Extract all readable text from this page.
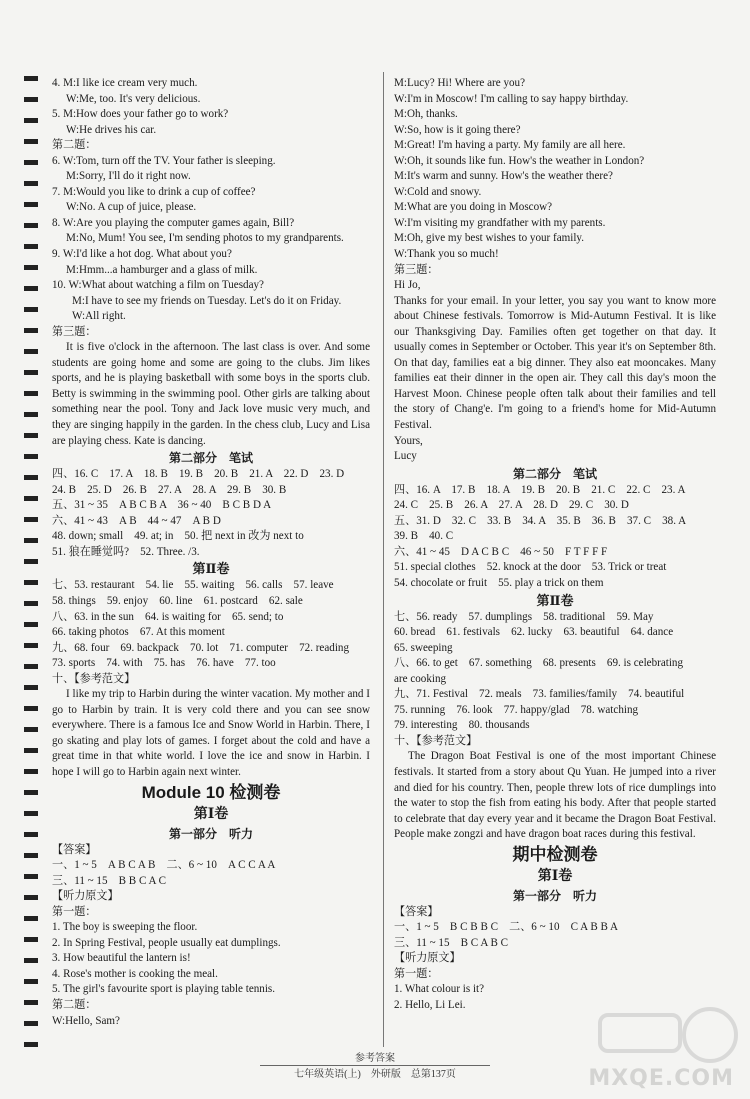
4. M:I like ice cream very much.
W:Me, too. It's very delicious.
5. M:How does your father go to work?
W:He drives his car.
第二题：
6. W:Tom, turn off the TV. Your father is sleeping.
M:Sorry, I'll do it right now.
7. M:Would you like to drink a cup of coffee?
W:No. A cup of juice, please.
8. W:Are you playing the computer games again, Bill?
M:No, Mum! You see, I'm sending photos to my grandparents.
9. W:I'd like a hot dog. What about you?
M:Hmm...a hamburger and a glass of milk.
10. W:What about watching a film on Tuesday?
M:I have to see my friends on Tuesday. Let's do it on Friday.
W:All right.
第三题：
It is five o'clock in the afternoon. The last class is over. And some students are going home and some are going to the clubs. Jim likes sports, and he is playing basketball with some boys in the sports club. Betty is swimming in the swimming pool. Other girls are talking about something near the pool. Tony and Jack love music very much, and they are singing happily in the garden. In the chess club, Lucy and Lisa are playing chess. Kate is dancing.
第二部分　笔试
四、16. C　17. A　18. B　19. B　20. B　21. A　22. D　23. D
24. B　25. D　26. B　27. A　28. A　29. B　30. B
五、31 ~ 35　A B C B A　36 ~ 40　B C B D A
六、41 ~ 43　A B　44 ~ 47　A B D
48. down; small　49. at; in　50. 把 next in 改为 next to
51. 狼在睡觉吗?　52. Three. /3.
第Ⅱ卷
七、53. restaurant　54. lie　55. waiting　56. calls　57. leave
58. things　59. enjoy　60. line　61. postcard　62. sale
八、63. in the sun　64. is waiting for　65. send; to
66. taking photos　67. At this moment
九、68. four　69. backpack　70. lot　71. computer　72. reading
73. sports　74. with　75. has　76. have　77. too
十、【参考范文】
I like my trip to Harbin during the winter vacation. My mother and I go to Harbin by train. It is very cold there and you can see snow everywhere. There is a famous Ice and Snow World in Harbin. There, I go skating and play lots of games. I forget about the cold and have a great time in that white world. I love the ice and snow in Harbin. I hope I will go to Harbin again next winter.
Module 10 检测卷
第Ⅰ卷
第一部分　听力
【答案】
一、1 ~ 5　A B C A B　二、6 ~ 10　A C C A A
三、11 ~ 15　B B C A C
【听力原文】
第一题：
1. The boy is sweeping the floor.
2. In Spring Festival, people usually eat dumplings.
3. How beautiful the lantern is!
4. Rose's mother is cooking the meal.
5. The girl's favourite sport is playing table tennis.
第二题：
W:Hello, Sam?
M:Lucy? Hi! Where are you?
W:I'm in Moscow! I'm calling to say happy birthday.
M:Oh, thanks.
W:So, how is it going there?
M:Great! I'm having a party. My family are all here.
W:Oh, it sounds like fun. How's the weather in London?
M:It's warm and sunny. How's the weather there?
W:Cold and snowy.
M:What are you doing in Moscow?
W:I'm visiting my grandfather with my parents.
M:Oh, give my best wishes to your family.
W:Thank you so much!
第三题：
Hi Jo,
Thanks for your email. In your letter, you say you want to know more about Chinese festivals. Tomorrow is Mid-Autumn Festival. It is like our Thanksgiving Day. Families often get together on that day. It usually comes in September or October. This year it's on September 8th. On that day, families eat a big dinner. They also eat mooncakes. Many families eat their dinner in the open air. They call this day's moon the Harvest Moon. Chinese people often talk about their families and tell the story of Chang'e. I'm going to a friend's home for Mid-Autumn Festival.
Yours,
Lucy
第二部分　笔试
四、16. A　17. B　18. A　19. B　20. B　21. C　22. C　23. A
24. C　25. B　26. A　27. A　28. D　29. C　30. D
五、31. D　32. C　33. B　34. A　35. B　36. B　37. C　38. A
39. B　40. C
六、41 ~ 45　D A C B C　46 ~ 50　F T F F F
51. special clothes　52. knock at the door　53. Trick or treat
54. chocolate or fruit　55. play a trick on them
第Ⅱ卷
七、56. ready　57. dumplings　58. traditional　59. May
60. bread　61. festivals　62. lucky　63. beautiful　64. dance
65. sweeping
八、66. to get　67. something　68. presents　69. is celebrating
are cooking
九、71. Festival　72. meals　73. families/family　74. beautiful
75. running　76. look　77. happy/glad　78. watching
79. interesting　80. thousands
十、【参考范文】
The Dragon Boat Festival is one of the most important Chinese festivals. It started from a story about Qu Yuan. He jumped into a river and died for his country. Then, people threw lots of rice dumplings into the water to stop the fish from eating his body. After that people started to celebrate that day every year and it became the Dragon Boat Festival. People make zongzi and have dragon boat races during this festival.
期中检测卷
第Ⅰ卷
第一部分　听力
【答案】
一、1 ~ 5　B C B B C　二、6 ~ 10　C A B B A
三、11 ~ 15　B C A B C
【听力原文】
第一题：
1. What colour is it?
2. Hello, Li Lei.
参考答案
七年级英语(上)　外研版　总第137页	MXQE.COM
